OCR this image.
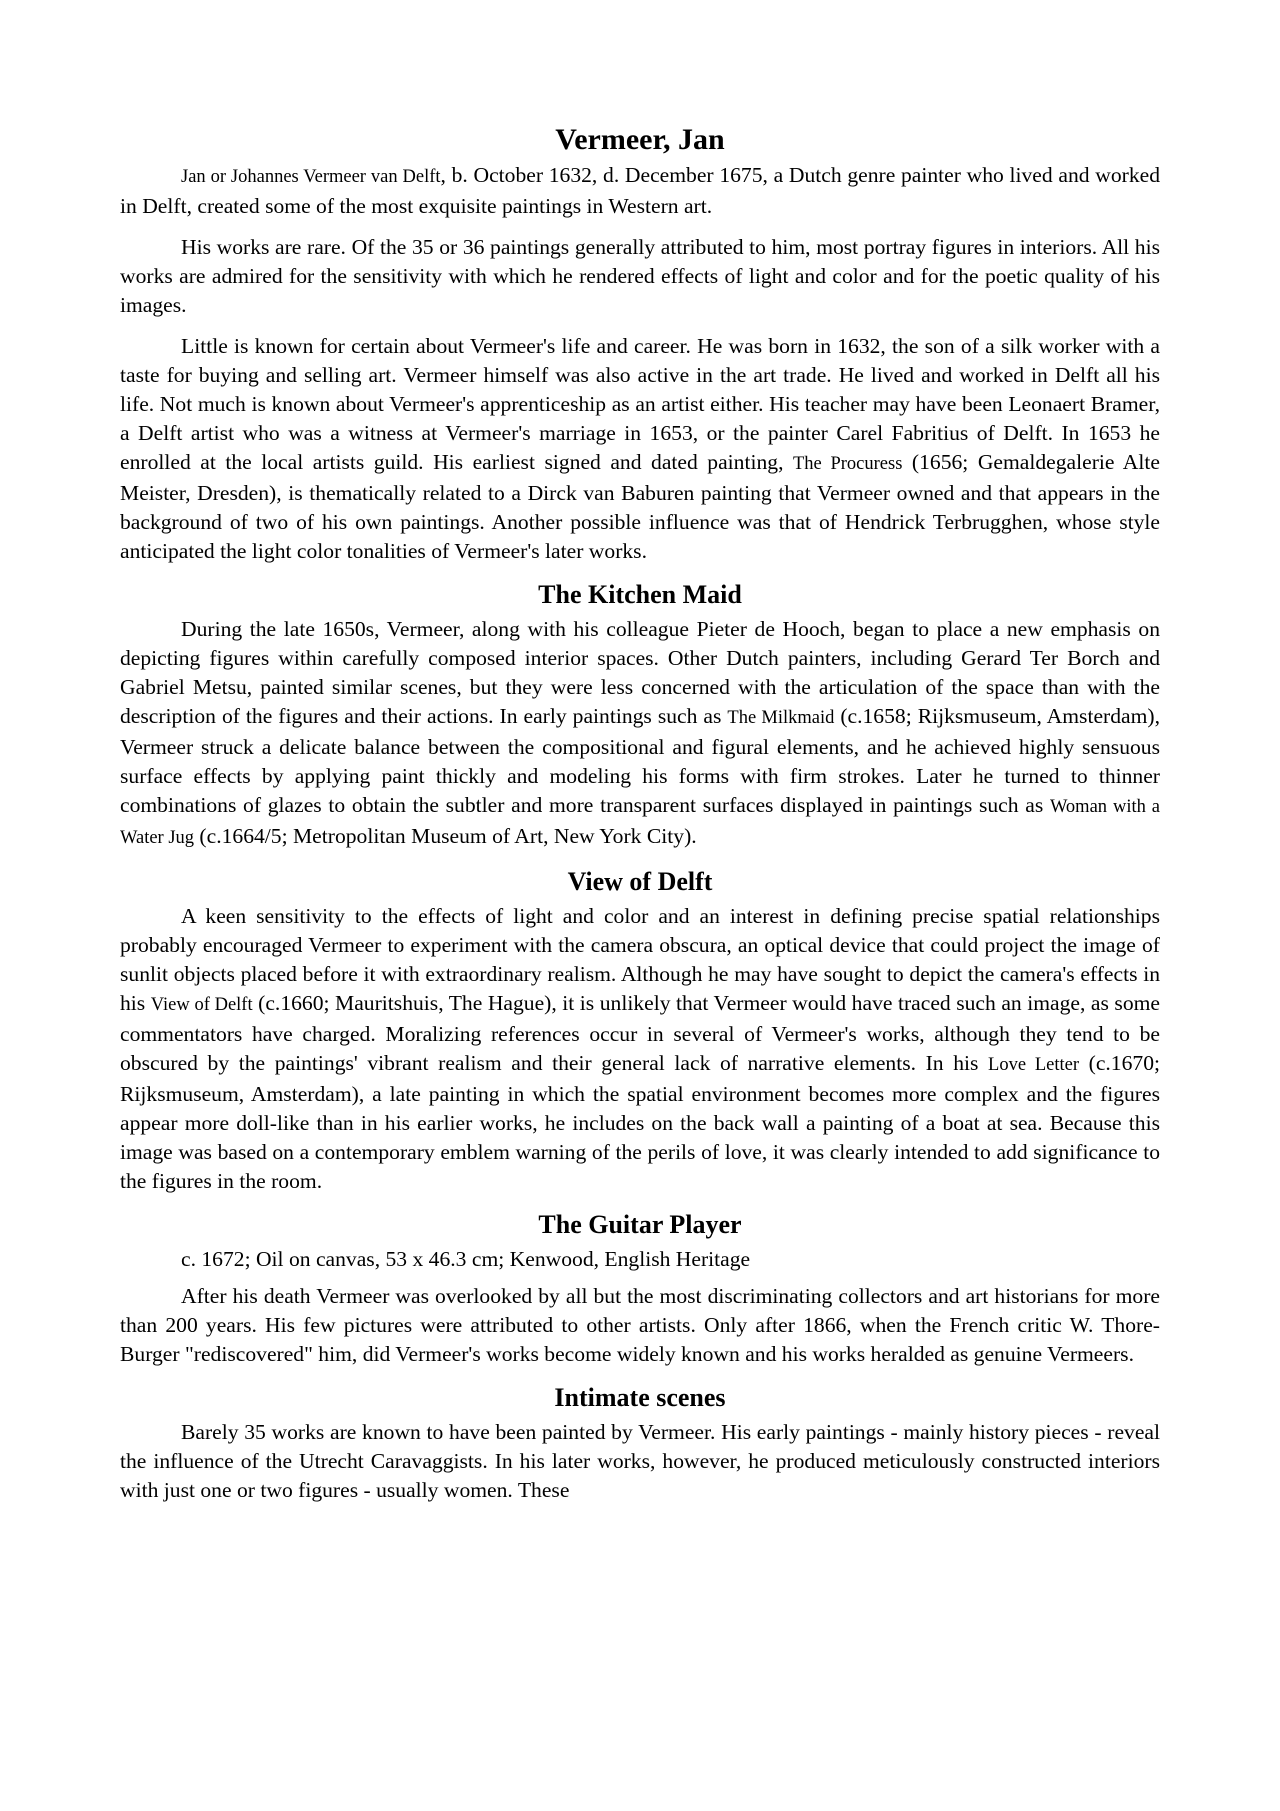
Vermeer, Jan

Jan or Johannes Vermeer van Delft, b. October 1632, d. December 1675, a Dutch genre painter who lived and worked in Delft, created some of the most exquisite paintings in Western art.

His works are rare. Of the 35 or 36 paintings generally attributed to him, most portray figures in interiors. All his works are admired for the sensitivity with which he rendered effects of light and color and for the poetic quality of his images.

Little is known for certain about Vermeer's life and career. He was born in 1632, the son of a silk worker with a taste for buying and selling art. Vermeer himself was also active in the art trade. He lived and worked in Delft all his life. Not much is known about Vermeer's apprenticeship as an artist either. His teacher may have been Leonaert Bramer, a Delft artist who was a witness at Vermeer's marriage in 1653, or the painter Carel Fabritius of Delft. In 1653 he enrolled at the local artists guild. His earliest signed and dated painting, The Procuress (1656; Gemaldegalerie Alte Meister, Dresden), is thematically related to a Dirck van Baburen painting that Vermeer owned and that appears in the background of two of his own paintings. Another possible influence was that of Hendrick Terbrugghen, whose style anticipated the light color tonalities of Vermeer's later works.

The Kitchen Maid

During the late 1650s, Vermeer, along with his colleague Pieter de Hooch, began to place a new emphasis on depicting figures within carefully composed interior spaces. Other Dutch painters, including Gerard Ter Borch and Gabriel Metsu, painted similar scenes, but they were less concerned with the articulation of the space than with the description of the figures and their actions. In early paintings such as The Milkmaid (c.1658; Rijksmuseum, Amsterdam), Vermeer struck a delicate balance between the compositional and figural elements, and he achieved highly sensuous surface effects by applying paint thickly and modeling his forms with firm strokes. Later he turned to thinner combinations of glazes to obtain the subtler and more transparent surfaces displayed in paintings such as Woman with a Water Jug (c.1664/5; Metropolitan Museum of Art, New York City).

View of Delft

A keen sensitivity to the effects of light and color and an interest in defining precise spatial relationships probably encouraged Vermeer to experiment with the camera obscura, an optical device that could project the image of sunlit objects placed before it with extraordinary realism. Although he may have sought to depict the camera's effects in his View of Delft (c.1660; Mauritshuis, The Hague), it is unlikely that Vermeer would have traced such an image, as some commentators have charged. Moralizing references occur in several of Vermeer's works, although they tend to be obscured by the paintings' vibrant realism and their general lack of narrative elements. In his Love Letter (c.1670; Rijksmuseum, Amsterdam), a late painting in which the spatial environment becomes more complex and the figures appear more doll-like than in his earlier works, he includes on the back wall a painting of a boat at sea. Because this image was based on a contemporary emblem warning of the perils of love, it was clearly intended to add significance to the figures in the room.

The Guitar Player

c. 1672; Oil on canvas, 53 x 46.3 cm; Kenwood, English Heritage

After his death Vermeer was overlooked by all but the most discriminating collectors and art historians for more than 200 years. His few pictures were attributed to other artists. Only after 1866, when the French critic W. Thore-Burger "rediscovered" him, did Vermeer's works become widely known and his works heralded as genuine Vermeers.

Intimate scenes

Barely 35 works are known to have been painted by Vermeer. His early paintings - mainly history pieces - reveal the influence of the Utrecht Caravaggists. In his later works, however, he produced meticulously constructed interiors with just one or two figures - usually women. These
